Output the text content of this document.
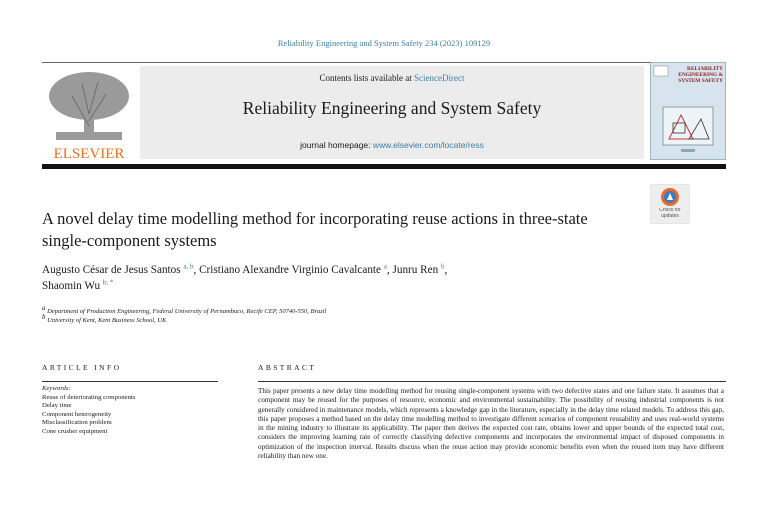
Reliability Engineering and System Safety 234 (2023) 109129
ELSEVIER
Contents lists available at ScienceDirect
Reliability Engineering and System Safety
journal homepage: www.elsevier.com/locate/ress
RELIABILITY ENGINEERING & SYSTEM SAFETY
Check for updates
A novel delay time modelling method for incorporating reuse actions in three-state single-component systems
Augusto César de Jesus Santos $^{a, b}$, Cristiano Alexandre Virginio Cavalcante $^a$, Junru Ren $^b$,
Shaomin Wu $^{b, *}$
$^a$ Department of Production Engineering, Federal University of Pernambuco, Recife CEP, 50740-550, Brazil
$^b$ University of Kent, Kent Business School, UK
ARTICLE INFO	ABSTRACT
Keywords:
Reuse of deteriorating components
Delay time
Component heterogeneity
Misclassification problem
Cone crusher equipment
This paper presents a new delay time modelling method for reusing single-component systems with two defective states and one failure state. It assumes that a component may be reused for the purposes of resource, economic and environmental sustainability. The possibility of reusing industrial components is not generally considered in maintenance models, which represents a knowledge gap in the literature, especially in the delay time related models. To address this gap, this paper proposes a method based on the delay time modelling method to investigate different scenarios of component reusability and uses real-world systems in the mining industry to illustrate its applicability. The paper then derives the expected cost rate, obtains lower and upper bounds of the expected total cost, considers the improving learning rate of correctly classifying defective components and incorporates the environmental impact of disposed components in optimization of the inspection interval. Results discuss when the reuse action may provide economic benefits even when the reused item may have different reliability than new one.
